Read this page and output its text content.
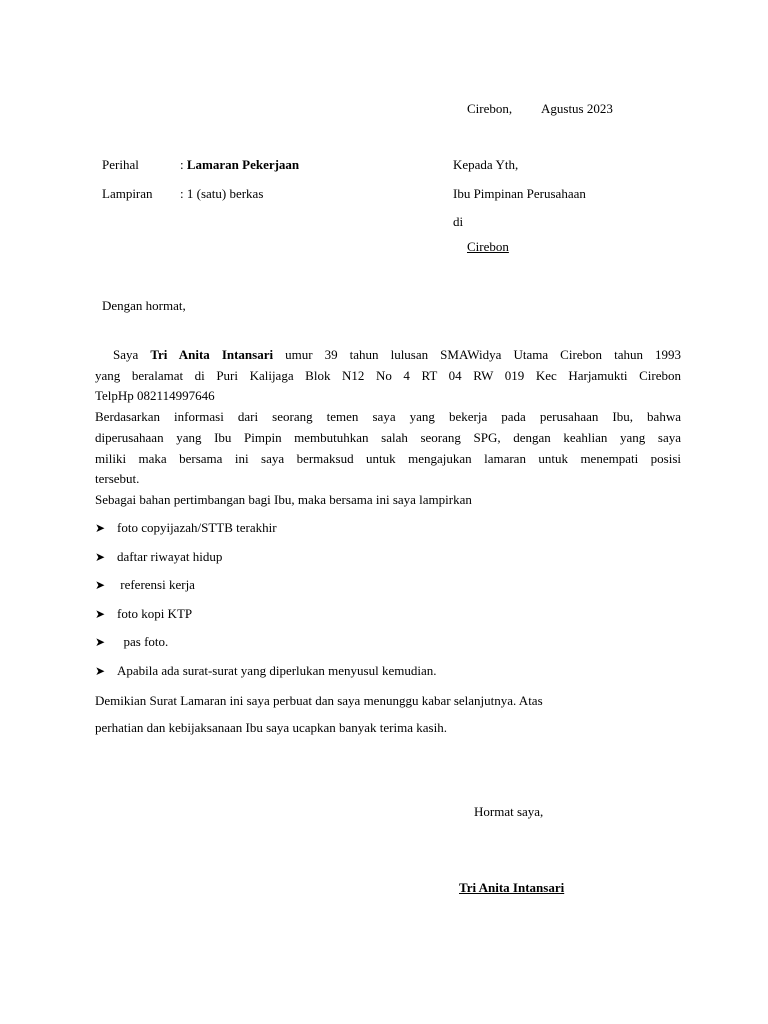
Cirebon, Agustus 2023
Perihal	: Lamaran Pekerjaan
Lampiran : 1 (satu) berkas
Kepada Yth,
Ibu Pimpinan Perusahaan
di
Cirebon
Dengan hormat,
Saya Tri Anita Intansari umur 39 tahun lulusan SMAWidya Utama Cirebon tahun 1993
yang beralamat di Puri Kalijaga Blok N12 No 4 RT 04 RW 019 Kec Harjamukti Cirebon
TelpHp 082114997646
Berdasarkan informasi dari seorang temen saya yang bekerja pada perusahaan Ibu, bahwa
diperusahaan yang Ibu Pimpin membutuhkan salah seorang SPG, dengan keahlian yang saya
miliki maka bersama ini saya bermaksud untuk mengajukan lamaran untuk menempati posisi
tersebut.
Sebagai bahan pertimbangan bagi Ibu, maka bersama ini saya lampirkan
➤ foto copyijazah/STTB terakhir
➤ daftar riwayat hidup
➤ referensi kerja
➤ foto kopi KTP
➤  pas foto.
➤ Apabila ada surat-surat yang diperlukan menyusul kemudian.
Demikian Surat Lamaran ini saya perbuat dan saya menunggu kabar selanjutnya. Atas
perhatian dan kebijaksanaan Ibu saya ucapkan banyak terima kasih.
Hormat saya,
Tri Anita Intansari
